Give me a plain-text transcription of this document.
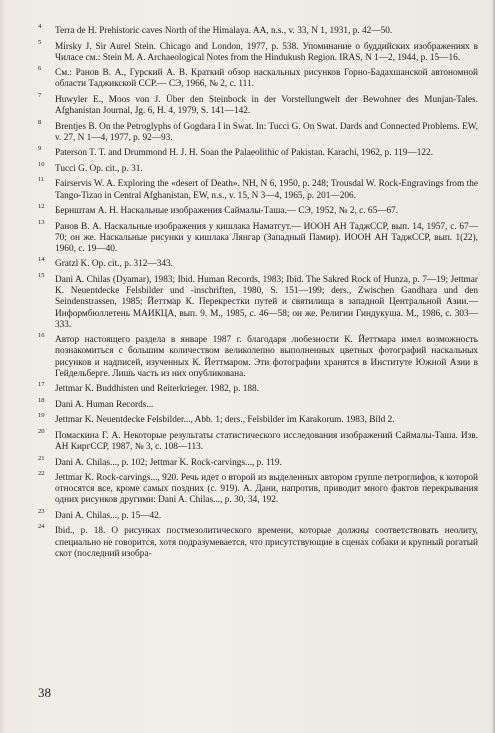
4 Terra de H. Prehistoric caves North of the Himalaya. AA, n.s., v. 33, N 1, 1931, p. 42—50.
5 Mirsky J. Sir Aurel Stein. Chicago and London, 1977, p. 538. Упоминание о буддийских изображениях в Чиласе см.: Stein M. A. Archaeological Notes from the Hindukush Region. IRAS, N 1—2, 1944, p. 15—16.
6 См.: Ранов В. А., Гурский А. В. Краткий обзор наскальных рисунков Горно-Бадахшанской автономной области Таджикской ССР.— СЭ, 1966, № 2, с. 111.
7 Huwyler E., Moos von J. Über den Steinbock in der Vorstellungwelt der Bewohner des Munjan-Tales. Afghanistan Journal, Jg. 6, H. 4, 1979, S. 141—142.
8 Brentjes B. On the Petroglyphs of Gogdara I in Swat. In: Tucci G. On Swat. Dards and Connected Problems. EW, v. 27, N 1—4, 1977, p. 92—93.
9 Paterson T. T. and Drummond H. J. H. Soan the Palaeolithic of Pakistan. Karachi, 1962, p. 119—122.
10 Tucci G. Op. cit., p. 31.
11 Fairservis W. A. Exploring the «desert of Death». NH, N 6, 1950, p. 248; Trousdal W. Rock-Engravings from the Tango-Tizao in Central Afghanistan, EW, n.s., v. 15, N 3—4, 1965, p. 201—206.
12 Бернштам А. Н. Наскальные изображения Саймалы-Таша.— СЭ, 1952, № 2, с. 65—67.
13 Ранов В. А. Наскальные изображения у кишлака Наматгут.— ИООН АН ТаджССР, вып. 14, 1957, с. 67—70; он же. Наскальные рисунки у кишлака Лянгар (Западный Памир). ИООН АН ТаджССР, вып. 1(22), 1960, с. 19—40.
14 Gratzl K. Op. cit., p. 312—343.
15 Dani A. Chilas (Dyamar), 1983; Ibid. Human Records, 1983; Ibid. The Sakred Rock of Hunza, p. 7—19; Jettmar K. Neuentdecke Felsbilder und -inschriften, 1980, S. 151—199; ders., Zwischen Gandhara und den Seindenstrassen, 1985; Йеттмар К. Перекрестки путей и святилища в западной Центральной Азии.— Информбюллетень МАИКЦА, вып. 9. М., 1985, с. 46—58; он же. Религии Гиндукуша. М., 1986, с. 303—333.
16 Автор настоящего раздела в январе 1987 г. благодаря любезности К. Йеттмара имел возможность познакомиться с большим количеством великолепно выполненных цветных фотографий наскальных рисунков и надписей, изученных К. Йеттмаром. Эти фотографии хранятся в Институте Южной Азии в Гейдельберге. Лишь часть из них опубликована.
17 Jettmar K. Buddhisten und Reiterkrieger. 1982, p. 188.
18 Dani A. Human Records...
19 Jettmar K. Neuentdecke Felsbilder..., Abb. 1; ders., Felsbilder im Karakorum. 1983, Bild 2.
20 Помаскина Г. А. Некоторые результаты статистического исследования изображений Саймалы-Таша. Изв. АН КиргССР, 1987, № 3, с. 108—113.
21 Dani A. Chilas..., p. 102; Jettmar K. Rock-carvings..., p. 119.
22 Jettmar K. Rock-carvings..., 920. Речь идет о второй из выделенных автором группе петроглифов, к которой относятся все, кроме самых поздних (с. 919). А. Дани, напротив, приводит много фактов перекрывания одних рисунков другими: Dani A. Chilas..., p. 30, 34, 192.
23 Dani A. Chilas..., p. 15—42.
24 Ibid., p. 18. О рисунках постмезолитического времени, которые должны соответствовать неолиту, специально не говорится, хотя подразумевается, что присутствующие в сценах собаки и крупный рогатый скот (последний изобра-
38
